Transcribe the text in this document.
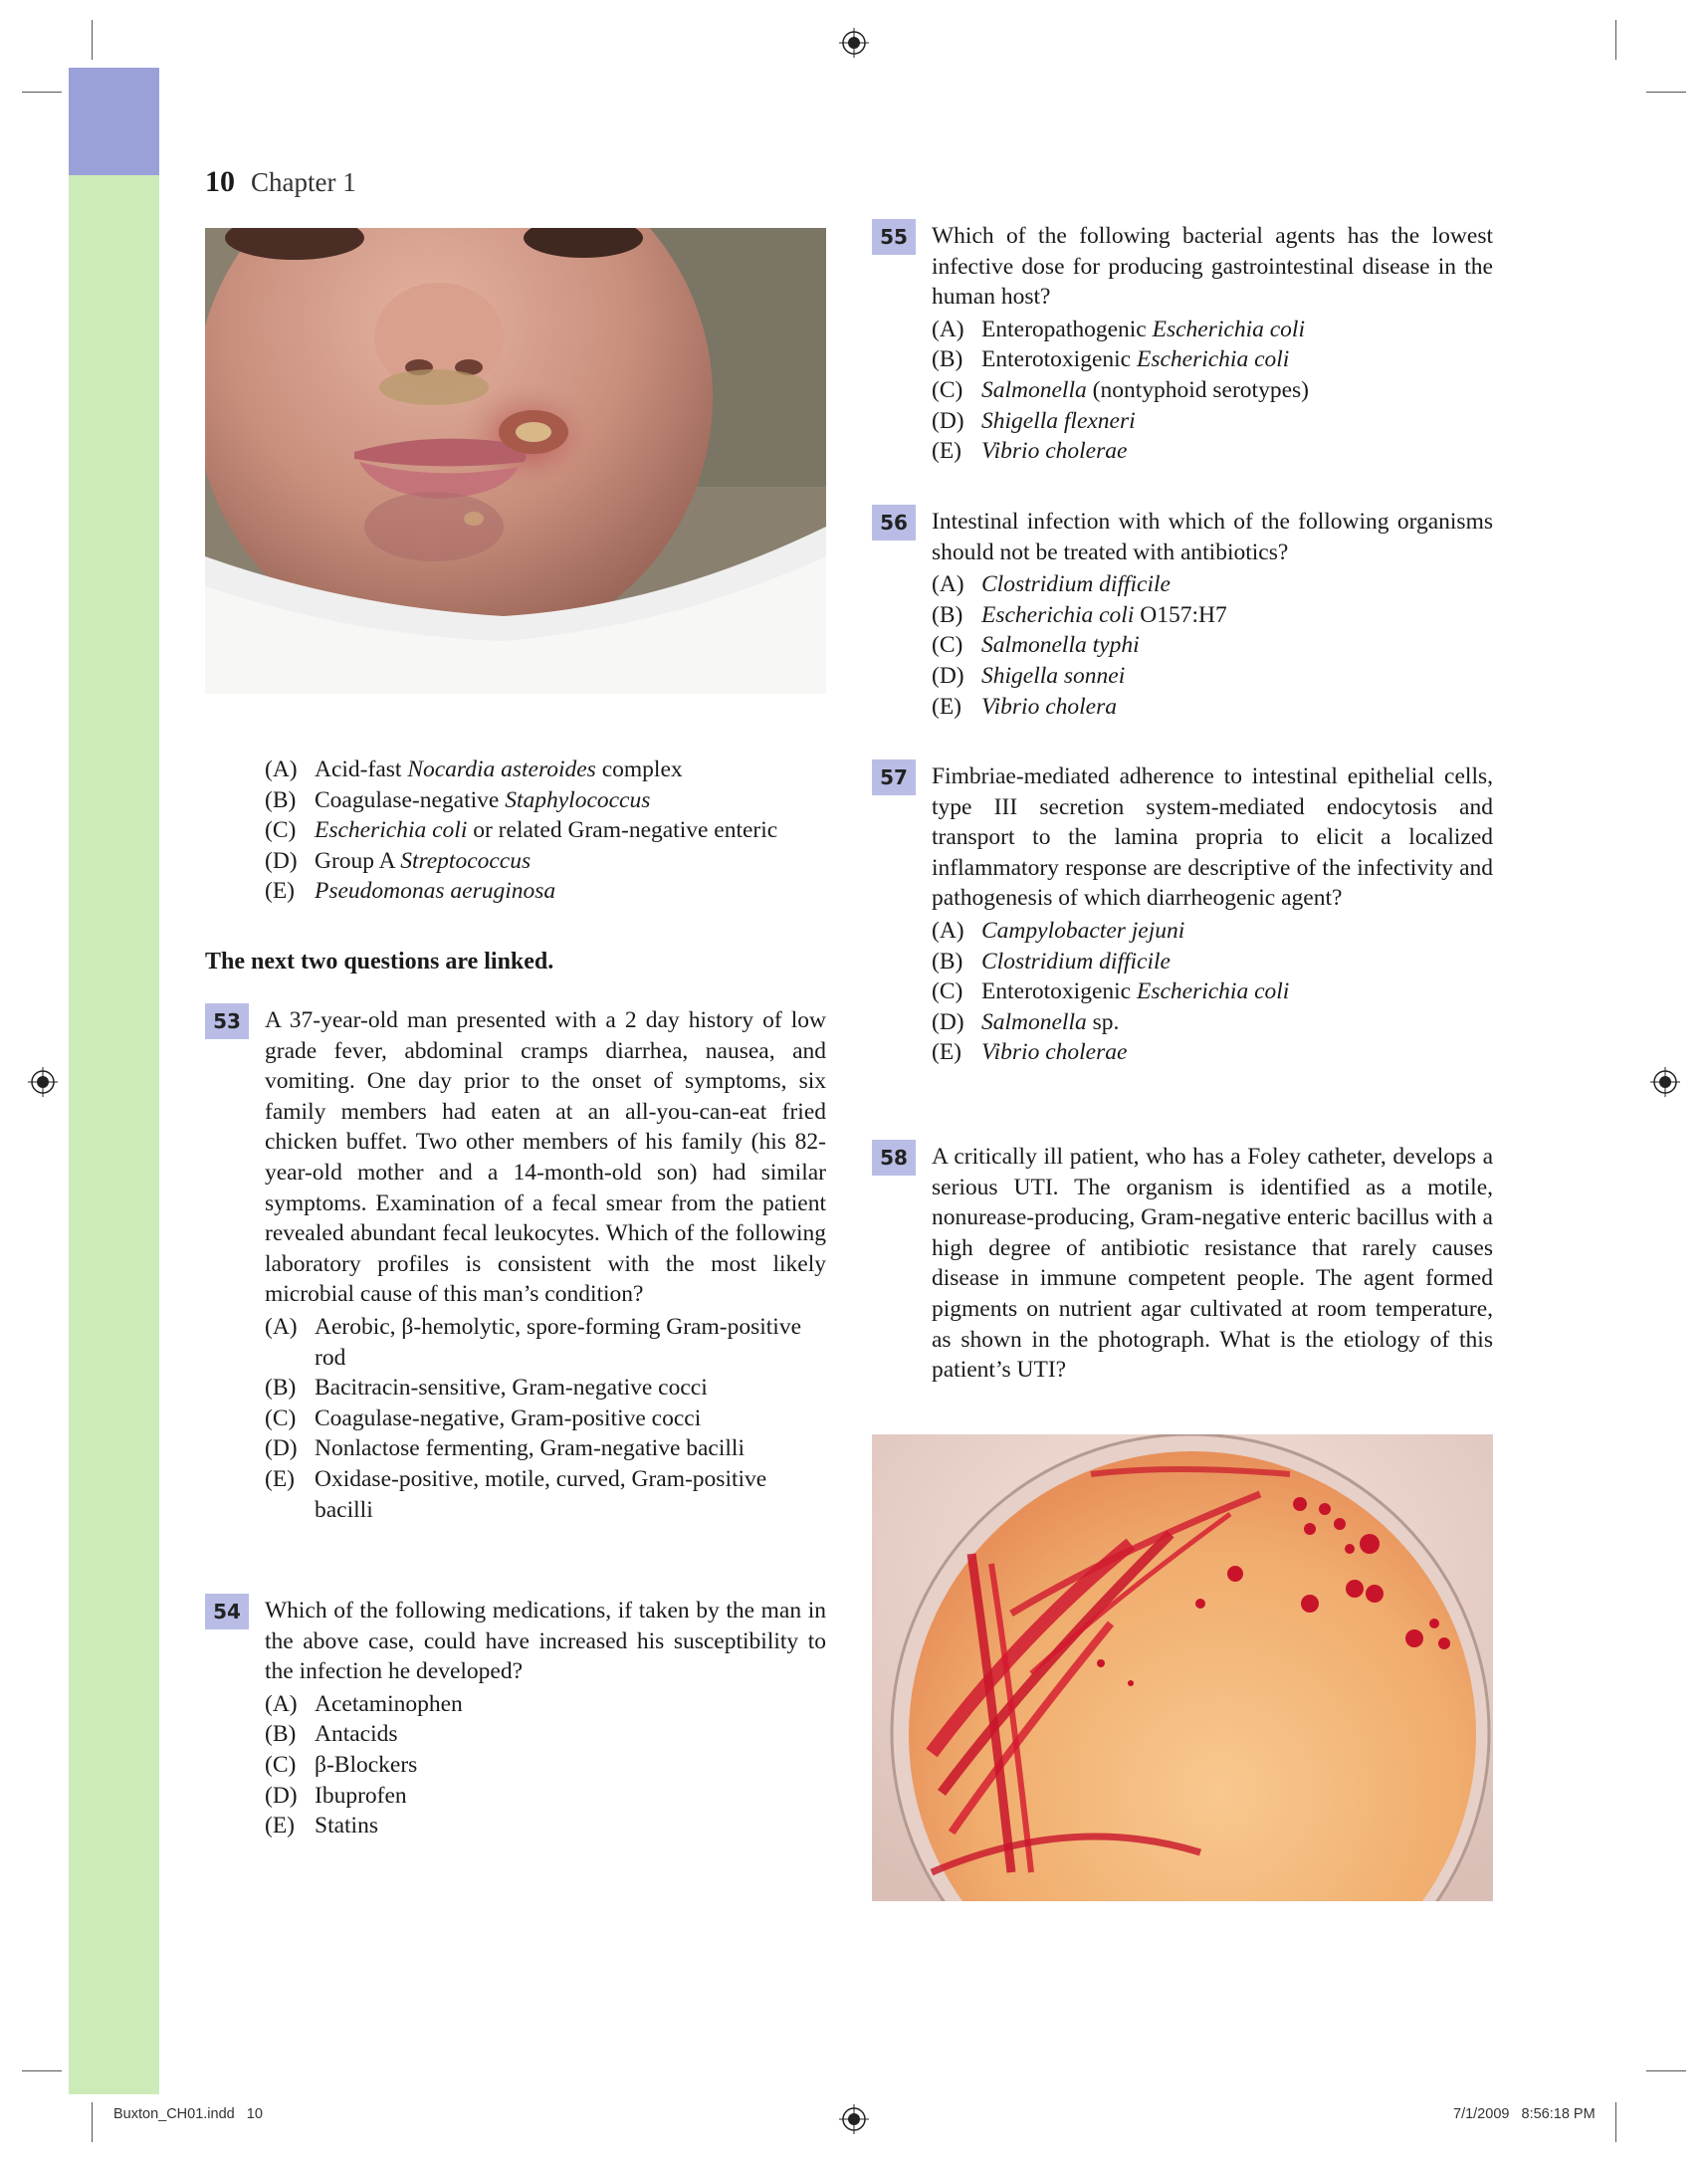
10 Chapter 1
(A) Acid-fast Nocardia asteroides complex
(B) Coagulase-negative Staphylococcus
(C) Escherichia coli or related Gram-negative enteric
(D) Group A Streptococcus
(E) Pseudomonas aeruginosa
The next two questions are linked.
53	A 37-year-old man presented with a 2 day history of low grade fever, abdominal cramps diarrhea, nausea, and vomiting. One day prior to the onset of symptoms, six family members had eaten at an all-you-can-eat fried chicken buffet. Two other members of his family (his 82-year-old mother and a 14-month-old son) had similar symptoms. Examination of a fecal smear from the patient revealed abundant fecal leukocytes. Which of the following laboratory profiles is consistent with the most likely microbial cause of this man’s condition?

(A) Aerobic, β-hemolytic, spore-forming Gram-positive rod
(B) Bacitracin-sensitive, Gram-negative cocci
(C) Coagulase-negative, Gram-positive cocci
(D) Nonlactose fermenting, Gram-negative bacilli
(E) Oxidase-positive, motile, curved, Gram-positive bacilli
54	Which of the following medications, if taken by the man in the above case, could have increased his susceptibility to the infection he developed?

(A) Acetaminophen
(B) Antacids
(C) β-Blockers
(D) Ibuprofen
(E) Statins
55	Which of the following bacterial agents has the lowest infective dose for producing gastrointestinal disease in the human host?

(A) Enteropathogenic Escherichia coli
(B) Enterotoxigenic Escherichia coli
(C) Salmonella (nontyphoid serotypes)
(D) Shigella flexneri
(E) Vibrio cholerae
56	Intestinal infection with which of the following organisms should not be treated with antibiotics?

(A) Clostridium difficile
(B) Escherichia coli O157:H7
(C) Salmonella typhi
(D) Shigella sonnei
(E) Vibrio cholera
57	Fimbriae-mediated adherence to intestinal epithelial cells, type III secretion system-mediated endocytosis and transport to the lamina propria to elicit a localized inflammatory response are descriptive of the infectivity and pathogenesis of which diarrheogenic agent?

(A) Campylobacter jejuni
(B) Clostridium difficile
(C) Enterotoxigenic Escherichia coli
(D) Salmonella sp.
(E) Vibrio cholerae
58	A critically ill patient, who has a Foley catheter, develops a serious UTI. The organism is identified as a motile, nonurease-producing, Gram-negative enteric bacillus with a high degree of antibiotic resistance that rarely causes disease in immune competent people. The agent formed pigments on nutrient agar cultivated at room temperature, as shown in the photograph. What is the etiology of this patient’s UTI?

Buxton_CH01.indd   10	7/1/2009   8:56:18 PM
